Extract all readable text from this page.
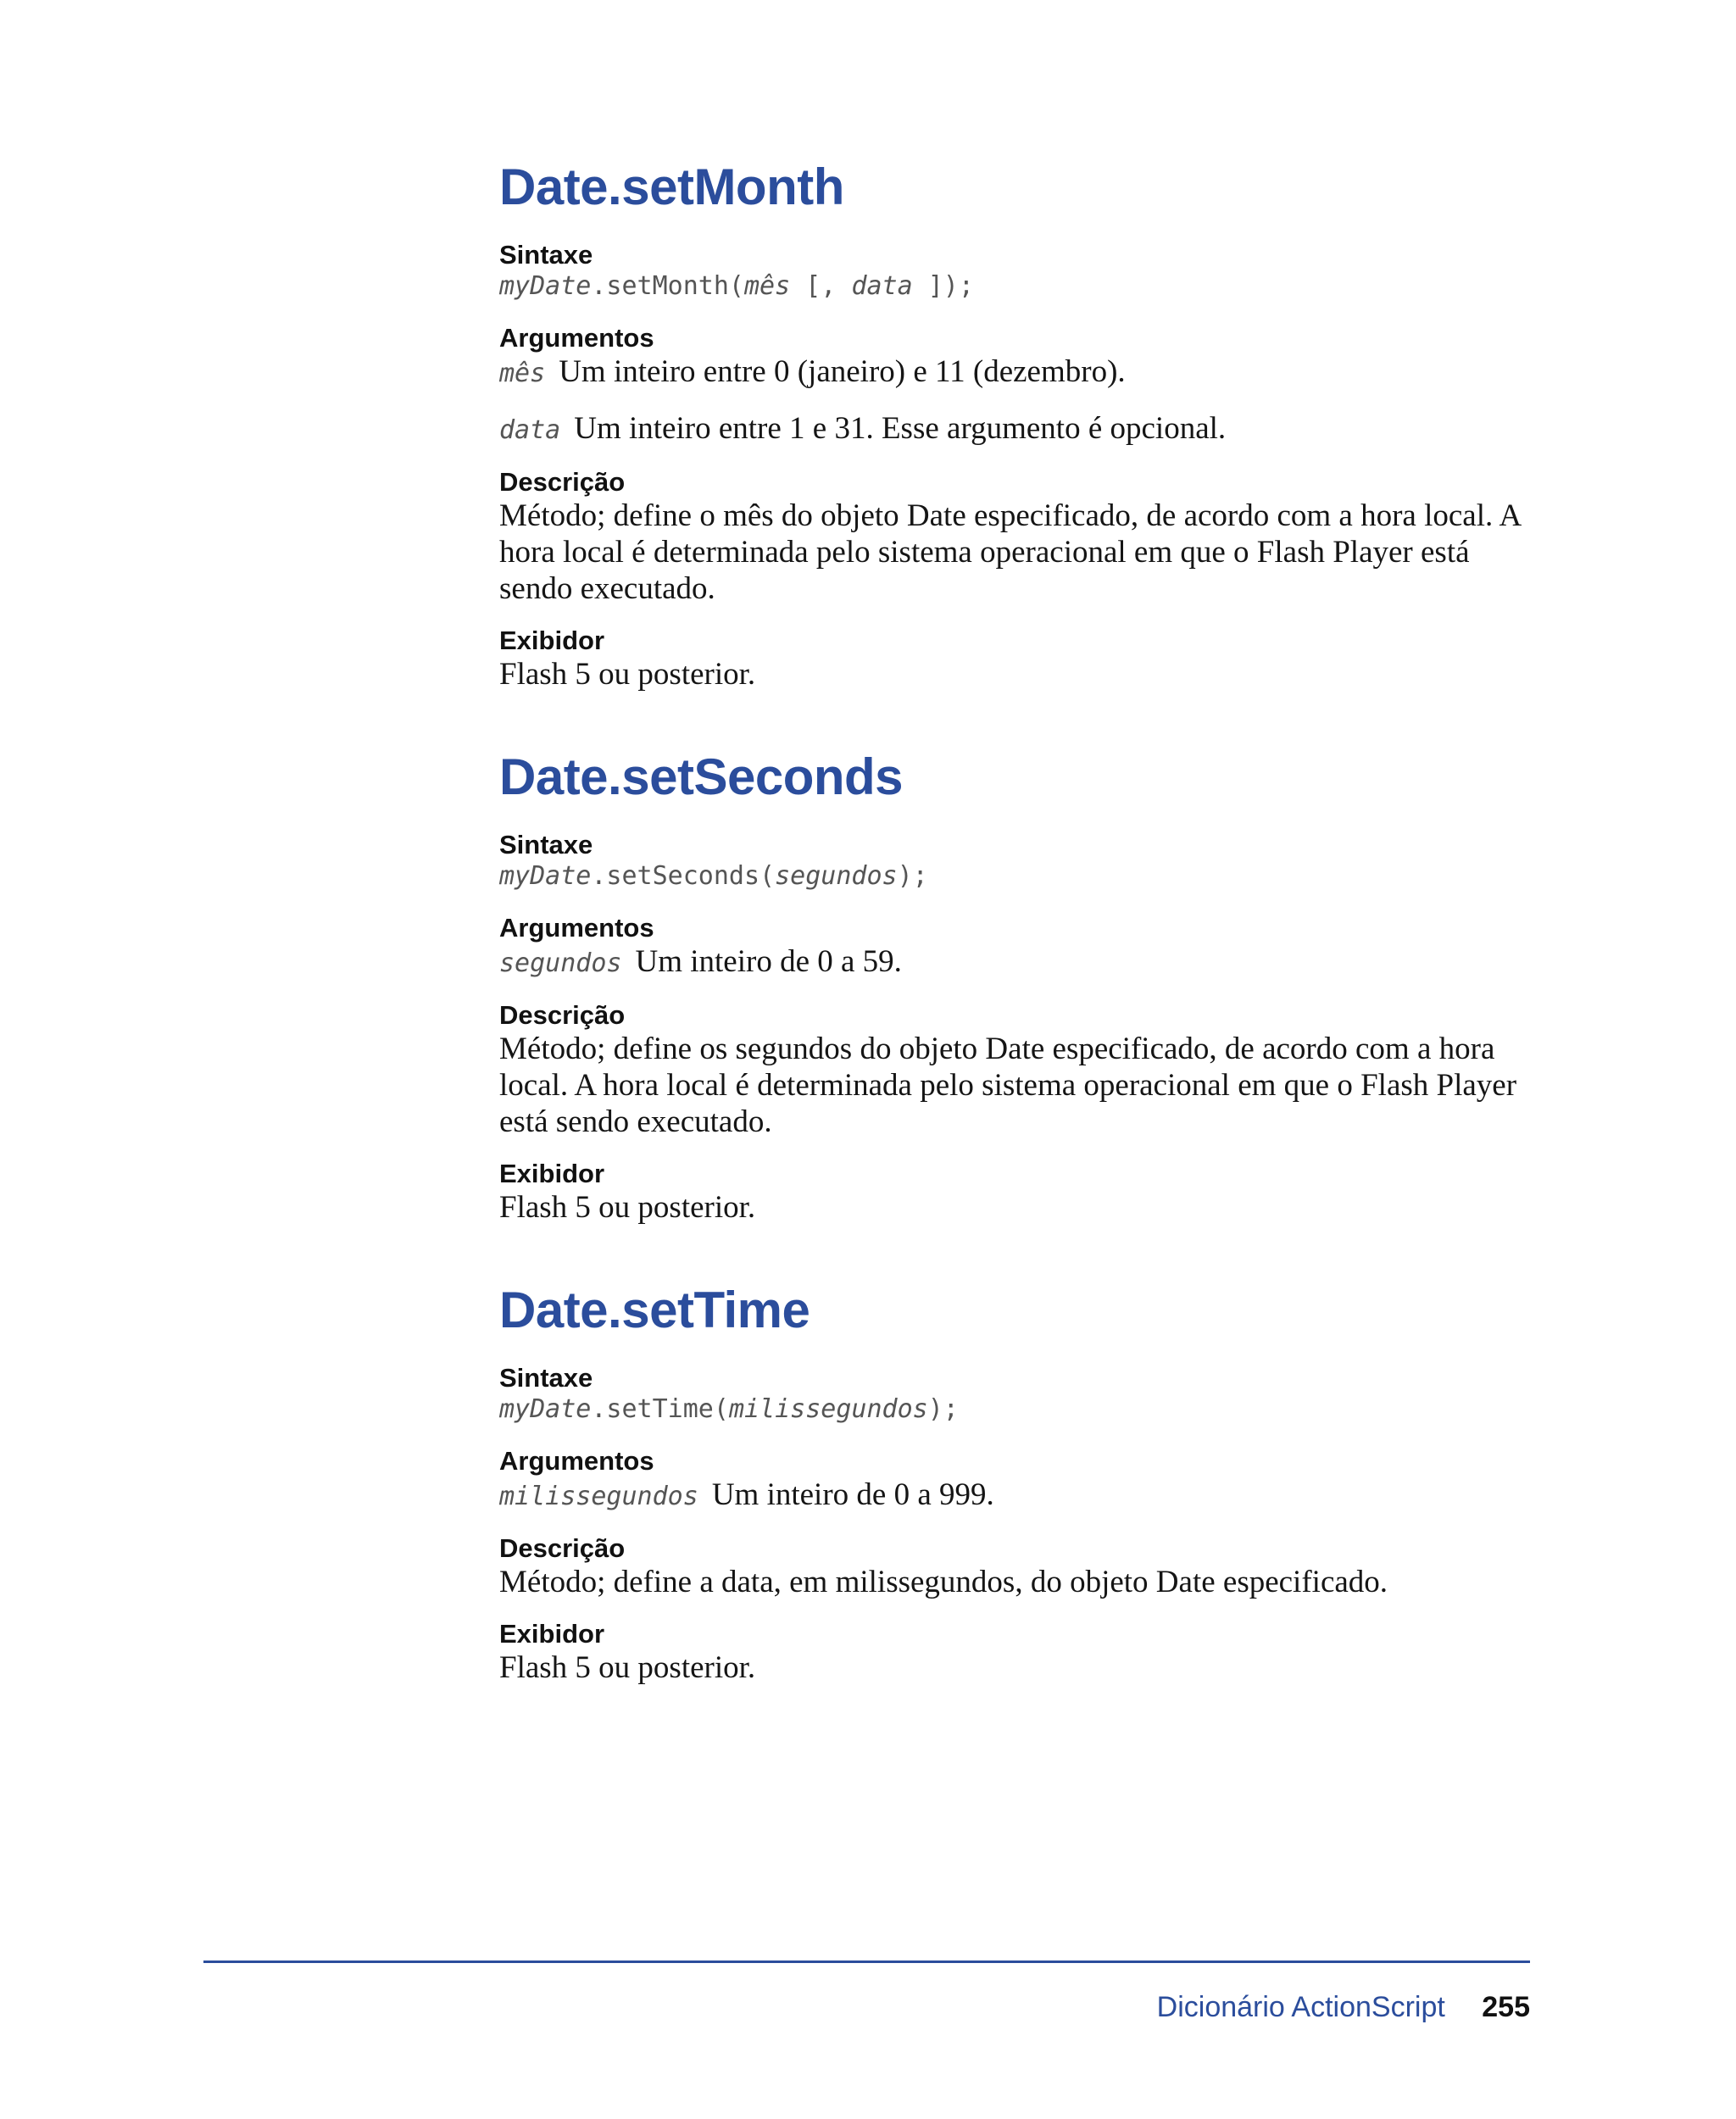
Date.setMonth
Sintaxe
myDate.setMonth(mês [, data ]);
Argumentos

mês Um inteiro entre 0 (janeiro) e 11 (dezembro).

data Um inteiro entre 1 e 31. Esse argumento é opcional.

Descrição

Método; define o mês do objeto Date especificado, de acordo com a hora local. A hora local é determinada pelo sistema operacional em que o Flash Player está sendo executado.

Exibidor

Flash 5 ou posterior.

Date.setSeconds
Sintaxe
myDate.setSeconds(segundos);
Argumentos

segundos Um inteiro de 0 a 59.

Descrição

Método; define os segundos do objeto Date especificado, de acordo com a hora local. A hora local é determinada pelo sistema operacional em que o Flash Player está sendo executado.

Exibidor

Flash 5 ou posterior.

Date.setTime
Sintaxe
myDate.setTime(milissegundos);
Argumentos

milissegundos Um inteiro de 0 a 999.

Descrição

Método; define a data, em milissegundos, do objeto Date especificado.

Exibidor

Flash 5 ou posterior.

Dicionário ActionScript 255
